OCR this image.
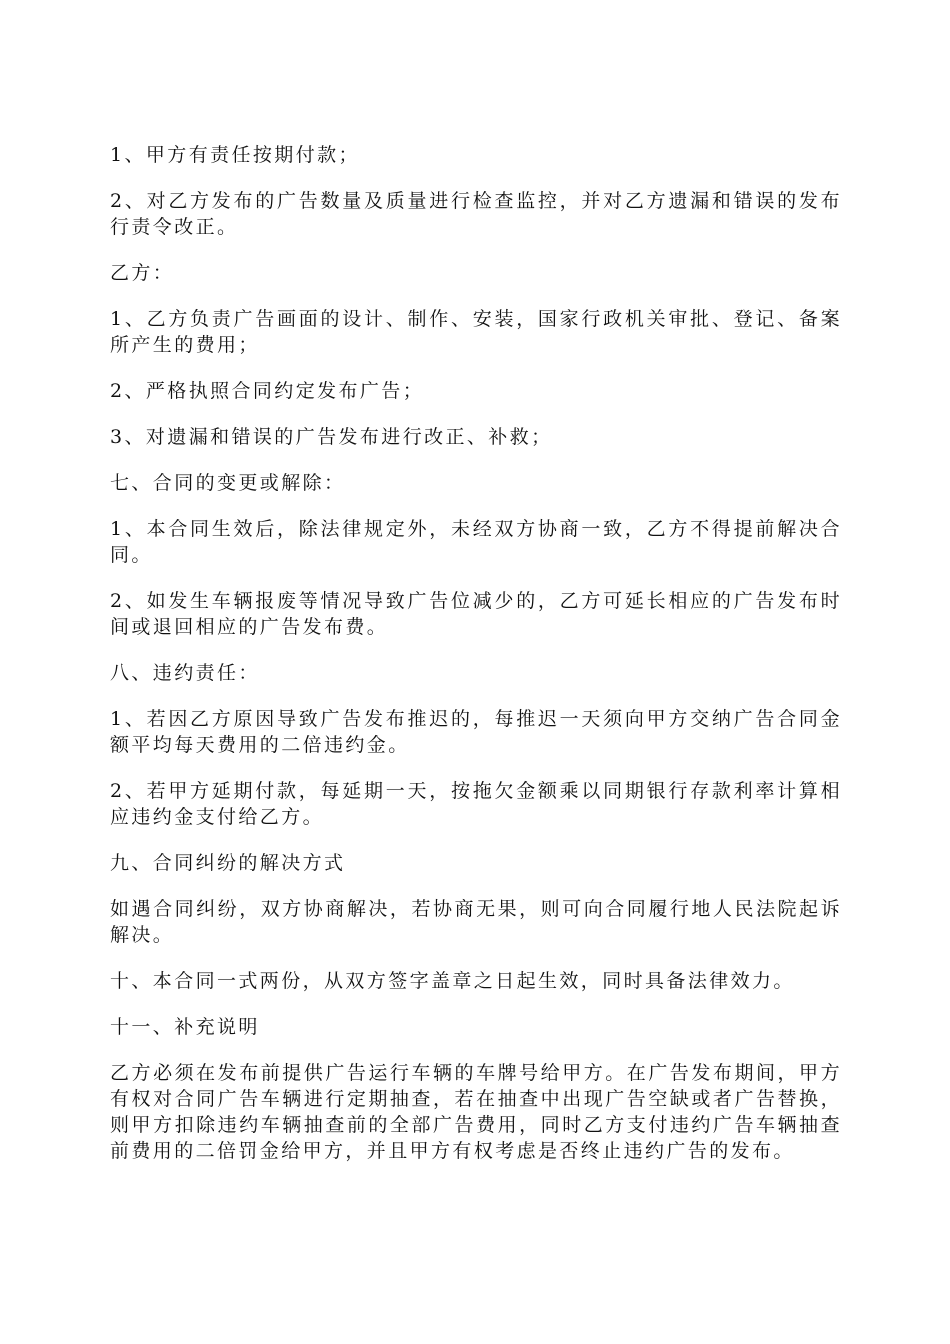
1、甲方有责任按期付款；

2、对乙方发布的广告数量及质量进行检查监控，并对乙方遗漏和错误的发布行责令改正。

乙方：

1、乙方负责广告画面的设计、制作、安装，国家行政机关审批、登记、备案所产生的费用；

2、严格执照合同约定发布广告；

3、对遗漏和错误的广告发布进行改正、补救；

七、合同的变更或解除：

1、本合同生效后，除法律规定外，未经双方协商一致，乙方不得提前解决合同。

2、如发生车辆报废等情况导致广告位减少的，乙方可延长相应的广告发布时间或退回相应的广告发布费。

八、违约责任：

1、若因乙方原因导致广告发布推迟的，每推迟一天须向甲方交纳广告合同金额平均每天费用的二倍违约金。

2、若甲方延期付款，每延期一天，按拖欠金额乘以同期银行存款利率计算相应违约金支付给乙方。

九、合同纠纷的解决方式

如遇合同纠纷，双方协商解决，若协商无果，则可向合同履行地人民法院起诉解决。

十、本合同一式两份，从双方签字盖章之日起生效，同时具备法律效力。

十一、补充说明

乙方必须在发布前提供广告运行车辆的车牌号给甲方。在广告发布期间，甲方有权对合同广告车辆进行定期抽查，若在抽查中出现广告空缺或者广告替换，则甲方扣除违约车辆抽查前的全部广告费用，同时乙方支付违约广告车辆抽查前费用的二倍罚金给甲方，并且甲方有权考虑是否终止违约广告的发布。
